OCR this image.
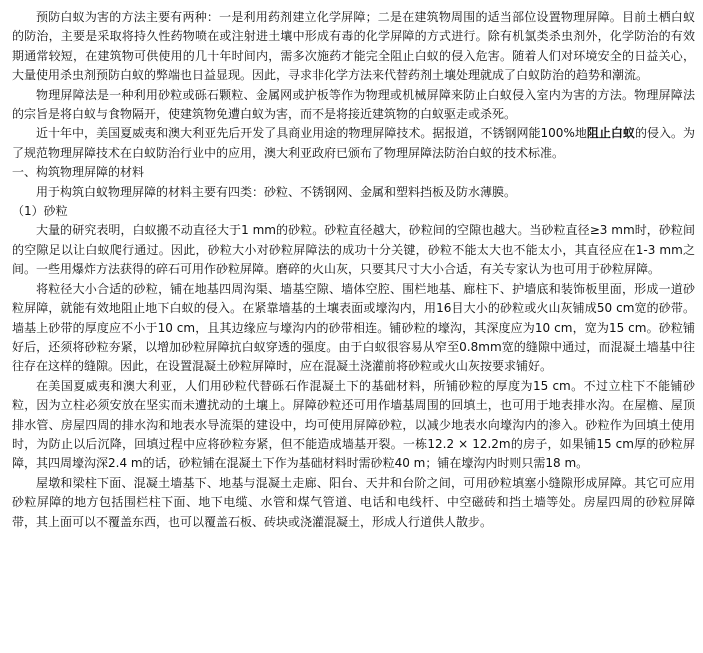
预防白蚁为害的方法主要有两种：一是利用药剂建立化学屏障；二是在建筑物周围的适当部位设置物理屏障。目前土栖白蚁的防治，主要是采取将持久性药物喷在或注射进土壤中形成有毒的化学屏障的方式进行。除有机氯类杀虫剂外，化学防治的有效期通常较短，在建筑物可供使用的几十年时间内，需多次施药才能完全阻止白蚁的侵入危害。随着人们对环境安全的日益关心，大量使用杀虫剂预防白蚁的弊端也日益显现。因此，寻求非化学方法来代替药剂土壤处理就成了白蚁防治的趋势和潮流。

物理屏障法是一种利用砂粒或砾石颗粒、金属网或护板等作为物理或机械屏障来防止白蚁侵入室内为害的方法。物理屏障法的宗旨是将白蚁与食物隔开，使建筑物免遭白蚁为害，而不是将接近建筑物的白蚁驱走或杀死。

近十年中，美国夏威夷和澳大利亚先后开发了具商业用途的物理屏障技术。据报道，不锈钢网能100%地阻止白蚁的侵入。为了规范物理屏障技术在白蚁防治行业中的应用，澳大利亚政府已颁布了物理屏障法防治白蚁的技术标准。

一、构筑物理屏障的材料

用于构筑白蚁物理屏障的材料主要有四类：砂粒、不锈钢网、金属和塑料挡板及防水薄膜。

（1）砂粒

大量的研究表明，白蚁搬不动直径大于1 mm的砂粒。砂粒直径越大，砂粒间的空隙也越大。当砂粒直径≥3 mm时，砂粒间的空隙足以让白蚁爬行通过。因此，砂粒大小对砂粒屏障法的成功十分关键，砂粒不能太大也不能太小，其直径应在1-3 mm之间。一些用爆炸方法获得的碎石可用作砂粒屏障。磨碎的火山灰，只要其尺寸大小合适，有关专家认为也可用于砂粒屏障。

将粒径大小合适的砂粒，铺在地基四周沟渠、墙基空隙、墙体空腔、围栏地基、廊柱下、护墙底和装饰板里面，形成一道砂粒屏障，就能有效地阻止地下白蚁的侵入。在紧靠墙基的土壤表面或壕沟内，用16目大小的砂粒或火山灰铺成50 cm宽的砂带。墙基上砂带的厚度应不小于10 cm，且其边缘应与壕沟内的砂带相连。铺砂粒的壕沟，其深度应为10 cm，宽为15 cm。砂粒铺好后，还须将砂粒夯紧，以增加砂粒屏障抗白蚁穿透的强度。由于白蚁很容易从窄至0.8mm宽的缝隙中通过，而混凝土墙基中往往存在这样的缝隙。因此，在设置混凝土砂粒屏障时，应在混凝土浇灌前将砂粒或火山灰按要求铺好。

在美国夏威夷和澳大利亚，人们用砂粒代替砾石作混凝土下的基础材料，所铺砂粒的厚度为15 cm。不过立柱下不能铺砂粒，因为立柱必须安放在坚实而未遭扰动的土壤上。屏障砂粒还可用作墙基周围的回填土，也可用于地表排水沟。在屋檐、屋顶排水管、房屋四周的排水沟和地表水导流渠的建设中，均可使用屏障砂粒，以减少地表水向壕沟内的渗入。砂粒作为回填土使用时，为防止以后沉降，回填过程中应将砂粒夯紧，但不能造成墙基开裂。一栋12.2 × 12.2m的房子，如果铺15 cm厚的砂粒屏障，其四周壕沟深2.4 m的话，砂粒铺在混凝土下作为基础材料时需砂粒40 m；铺在壕沟内时则只需18 m。

屋墩和梁柱下面、混凝土墙基下、地基与混凝土走廊、阳台、天井和台阶之间，可用砂粒填塞小缝隙形成屏障。其它可应用砂粒屏障的地方包括围栏柱下面、地下电缆、水管和煤气管道、电话和电线杆、中空磁砖和挡土墙等处。房屋四周的砂粒屏障带，其上面可以不覆盖东西，也可以覆盖石板、砖块或浇灌混凝土，形成人行道供人散步。
